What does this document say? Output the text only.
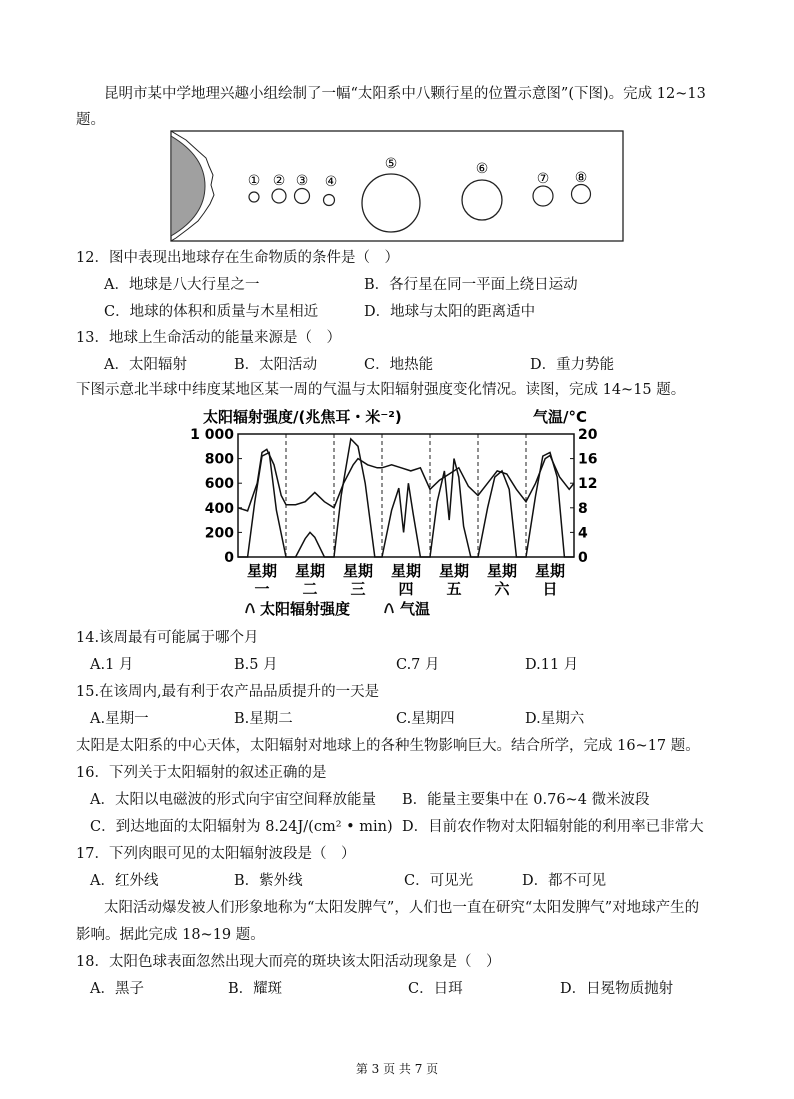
昆明市某中学地理兴趣小组绘制了一幅“太阳系中八颗行星的位置示意图”(下图)。完成 12~13
题。
① ② ③ ④
⑤	⑥
⑦ ⑧
12．图中表现出地球存在生命物质的条件是（　）
A．地球是八大行星之一	B．各行星在同一平面上绕日运动
C．地球的体积和质量与木星相近	D．地球与太阳的距离适中
13．地球上生命活动的能量来源是（　）
A．太阳辐射	B．太阳活动	C．地热能	D．重力势能
下图示意北半球中纬度某地区某一周的气温与太阳辐射强度变化情况。读图，完成 14~15 题。
太阳辐射强度/(兆焦耳・米⁻²)	气温/°C
1 000
800
600
400
200
0
20
16
12
8
4
0
星期
一
星期
二
星期
三
星期
四
星期
五
星期
六
星期
日
太阳辐射强度	气温
14.该周最有可能属于哪个月
A.1 月	B.5 月	C.7 月	D.11 月
15.在该周内,最有利于农产品品质提升的一天是
A.星期一	B.星期二	C.星期四	D.星期六
太阳是太阳系的中心天体，太阳辐射对地球上的各种生物影响巨大。结合所学，完成 16~17 题。
16．下列关于太阳辐射的叙述正确的是
A．太阳以电磁波的形式向宇宙空间释放能量 B．能量主要集中在 0.76~4 微米波段
C．到达地面的太阳辐射为 8.24J/(cm² • min) D．目前农作物对太阳辐射能的利用率已非常大
17．下列肉眼可见的太阳辐射波段是（　）
A．红外线	B．紫外线	C．可见光	D．都不可见
太阳活动爆发被人们形象地称为“太阳发脾气”，人们也一直在研究“太阳发脾气”对地球产生的
影响。据此完成 18~19 题。
18．太阳色球表面忽然出现大而亮的斑块该太阳活动现象是（　）
A．黑子	B．耀斑	C．日珥	D．日冕物质抛射
第 3 页 共 7 页
